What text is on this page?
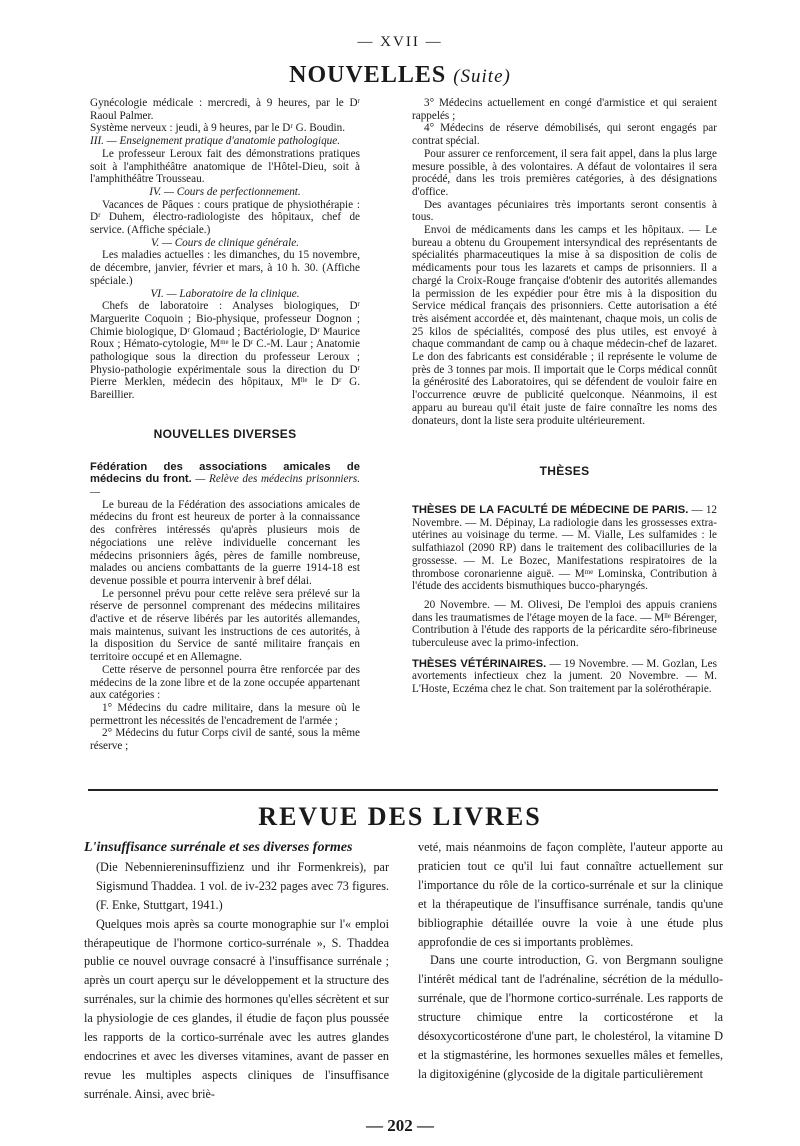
— XVII —
NOUVELLES (Suite)

Gynécologie médicale : mercredi, à 9 heures, par le Dʳ Raoul Palmer.

Système nerveux : jeudi, à 9 heures, par le Dʳ G. Boudin.

III. — Enseignement pratique d'anatomie pathologique.

Le professeur Leroux fait des démonstrations pratiques soit à l'amphithéâtre anatomique de l'Hôtel-Dieu, soit à l'amphithéâtre Trousseau.

IV. — Cours de perfectionnement.

Vacances de Pâques : cours pratique de physiothérapie : Dʳ Duhem, électro-radiologiste des hôpitaux, chef de service. (Affiche spéciale.)

V. — Cours de clinique générale.

Les maladies actuelles : les dimanches, du 15 novembre, de décembre, janvier, février et mars, à 10 h. 30. (Affiche spéciale.)

VI. — Laboratoire de la clinique.

Chefs de laboratoire : Analyses biologiques, Dʳ Marguerite Coquoin ; Bio-physique, professeur Dognon ; Chimie biologique, Dʳ Glomaud ; Bactériologie, Dʳ Maurice Roux ; Hémato-cytologie, Mᵐᵉ le Dʳ C.-M. Laur ; Anatomie pathologique sous la direction du professeur Leroux ; Physio-pathologie expérimentale sous la direction du Dʳ Pierre Merklen, médecin des hôpitaux, Mˡˡᵉ le Dʳ G. Bareillier.

NOUVELLES DIVERSES

Fédération des associations amicales de médecins du front. — Relève des médecins prisonniers. —

Le bureau de la Fédération des associations amicales de médecins du front est heureux de porter à la connaissance des confrères intéressés qu'après plusieurs mois de négociations une relève individuelle concernant les médecins prisonniers âgés, pères de famille nombreuse, malades ou anciens combattants de la guerre 1914-18 est devenue possible et pourra intervenir à bref délai.

Le personnel prévu pour cette relève sera prélevé sur la réserve de personnel comprenant des médecins militaires d'active et de réserve libérés par les autorités allemandes, mais maintenus, suivant les instructions de ces autorités, à la disposition du Service de santé militaire français en territoire occupé et en Allemagne.

Cette réserve de personnel pourra être renforcée par des médecins de la zone libre et de la zone occupée appartenant aux catégories :

1° Médecins du cadre militaire, dans la mesure où le permettront les nécessités de l'encadrement de l'armée ;

2° Médecins du futur Corps civil de santé, sous la même réserve ;

3° Médecins actuellement en congé d'armistice et qui seraient rappelés ;

4° Médecins de réserve démobilisés, qui seront engagés par contrat spécial.

Pour assurer ce renforcement, il sera fait appel, dans la plus large mesure possible, à des volontaires. A défaut de volontaires il sera procédé, dans les trois premières catégories, à des désignations d'office.

Des avantages pécuniaires très importants seront consentis à tous.

Envoi de médicaments dans les camps et les hôpitaux. — Le bureau a obtenu du Groupement intersyndical des représentants de spécialités pharmaceutiques la mise à sa disposition de colis de médicaments pour tous les lazarets et camps de prisonniers. Il a chargé la Croix-Rouge française d'obtenir des autorités allemandes la permission de les expédier pour être mis à la disposition du Service médical français des prisonniers. Cette autorisation a été très aisément accordée et, dès maintenant, chaque mois, un colis de 25 kilos de spécialités, composé des plus utiles, est envoyé à chaque commandant de camp ou à chaque médecin-chef de lazaret. Le don des fabricants est considérable ; il représente le volume de près de 3 tonnes par mois. Il importait que le Corps médical connût la générosité des Laboratoires, qui se défendent de vouloir faire en l'occurrence œuvre de publicité quelconque. Néanmoins, il est apparu au bureau qu'il était juste de faire connaître les noms des donateurs, dont la liste sera produite ultérieurement.

THÈSES

THÈSES DE LA FACULTÉ DE MÉDECINE DE PARIS. — 12 Novembre. — M. Dépinay, La radiologie dans les grossesses extra-utérines au voisinage du terme. — M. Vialle, Les sulfamides : le sulfathiazol (2090 RP) dans le traitement des colibacilluries de la grossesse. — M. Le Bozec, Manifestations respiratoires de la thrombose coronarienne aiguë. — Mᵐᵉ Lominska, Contribution à l'étude des accidents bismuthiques bucco-pharyngés.

20 Novembre. — M. Olivesi, De l'emploi des appuis craniens dans les traumatismes de l'étage moyen de la face. — Mˡˡᵉ Bérenger, Contribution à l'étude des rapports de la péricardite séro-fibrineuse tuberculeuse avec la primo-infection.

THÈSES VÉTÉRINAIRES. — 19 Novembre. — M. Gozlan, Les avortements infectieux chez la jument. 20 Novembre. — M. L'Hoste, Eczéma chez le chat. Son traitement par la solérothérapie.

REVUE DES LIVRES

L'insuffisance surrénale et ses diverses formes

(Die Nebenniereninsuffizienz und ihr Formenkreis), par Sigismund Thaddea. 1 vol. de iv-232 pages avec 73 figures. (F. Enke, Stuttgart, 1941.)

Quelques mois après sa courte monographie sur l'« emploi thérapeutique de l'hormone cortico-surrénale », S. Thaddea publie ce nouvel ouvrage consacré à l'insuffisance surrénale ; après un court aperçu sur le développement et la structure des surrénales, sur la chimie des hormones qu'elles sécrètent et sur la physiologie de ces glandes, il étudie de façon plus poussée les rapports de la cortico-surrénale avec les autres glandes endocrines et avec les diverses vitamines, avant de passer en revue les multiples aspects cliniques de l'insuffisance surrénale. Ainsi, avec briè-

veté, mais néanmoins de façon complète, l'auteur apporte au praticien tout ce qu'il lui faut connaître actuellement sur l'importance du rôle de la cortico-surrénale et sur la clinique et la thérapeutique de l'insuffisance surrénale, tandis qu'une bibliographie détaillée ouvre la voie à une étude plus approfondie de ces si importants problèmes.

Dans une courte introduction, G. von Bergmann souligne l'intérêt médical tant de l'adrénaline, sécrétion de la médullo-surrénale, que de l'hormone cortico-surrénale. Les rapports de structure chimique entre la corticostérone et la désoxycorticostérone d'une part, le cholestérol, la vitamine D et la stigmastérine, les hormones sexuelles mâles et femelles, la digitoxigénine (glycoside de la digitale particulièrement

— 202 —
